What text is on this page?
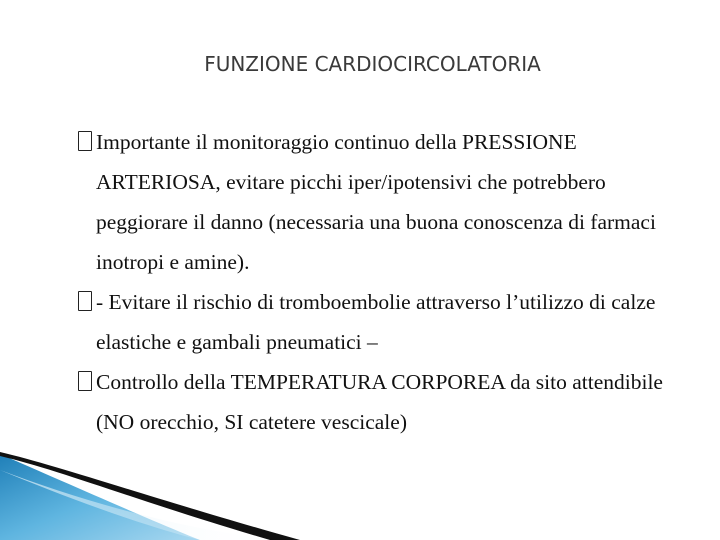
FUNZIONE CARDIOCIRCOLATORIA
Importante il monitoraggio continuo della PRESSIONE ARTERIOSA, evitare picchi iper/ipotensivi che potrebbero peggiorare il danno (necessaria una buona conoscenza di farmaci inotropi e amine).
- Evitare il rischio di tromboembolie attraverso l’utilizzo di calze elastiche e gambali pneumatici –
Controllo della TEMPERATURA CORPOREA da sito attendibile (NO orecchio, SI catetere vescicale)
